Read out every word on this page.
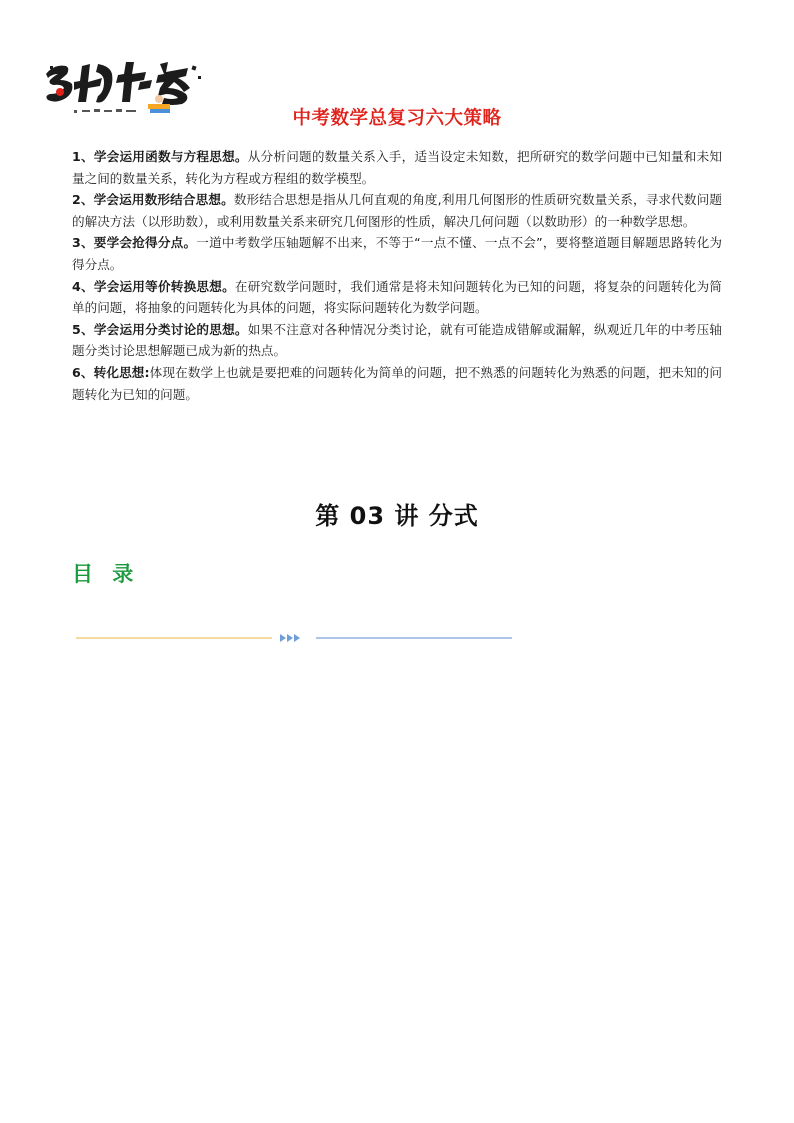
中考数学总复习六大策略

1、学会运用函数与方程思想。从分析问题的数量关系入手，适当设定未知数，把所研究的数学问题中已知量和未知量之间的数量关系，转化为方程或方程组的数学模型。

2、学会运用数形结合思想。数形结合思想是指从几何直观的角度,利用几何图形的性质研究数量关系，寻求代数问题的解决方法（以形助数），或利用数量关系来研究几何图形的性质，解决几何问题（以数助形）的一种数学思想。

3、要学会抢得分点。一道中考数学压轴题解不出来，不等于“一点不懂、一点不会”，要将整道题目解题思路转化为得分点。

4、学会运用等价转换思想。在研究数学问题时，我们通常是将未知问题转化为已知的问题，将复杂的问题转化为简单的问题，将抽象的问题转化为具体的问题，将实际问题转化为数学问题。

5、学会运用分类讨论的思想。如果不注意对各种情况分类讨论，就有可能造成错解或漏解，纵观近几年的中考压轴题分类讨论思想解题已成为新的热点。

6、转化思想:体现在数学上也就是要把难的问题转化为简单的问题，把不熟悉的问题转化为熟悉的问题，把未知的问题转化为已知的问题。

第 03 讲 分式
目 录
